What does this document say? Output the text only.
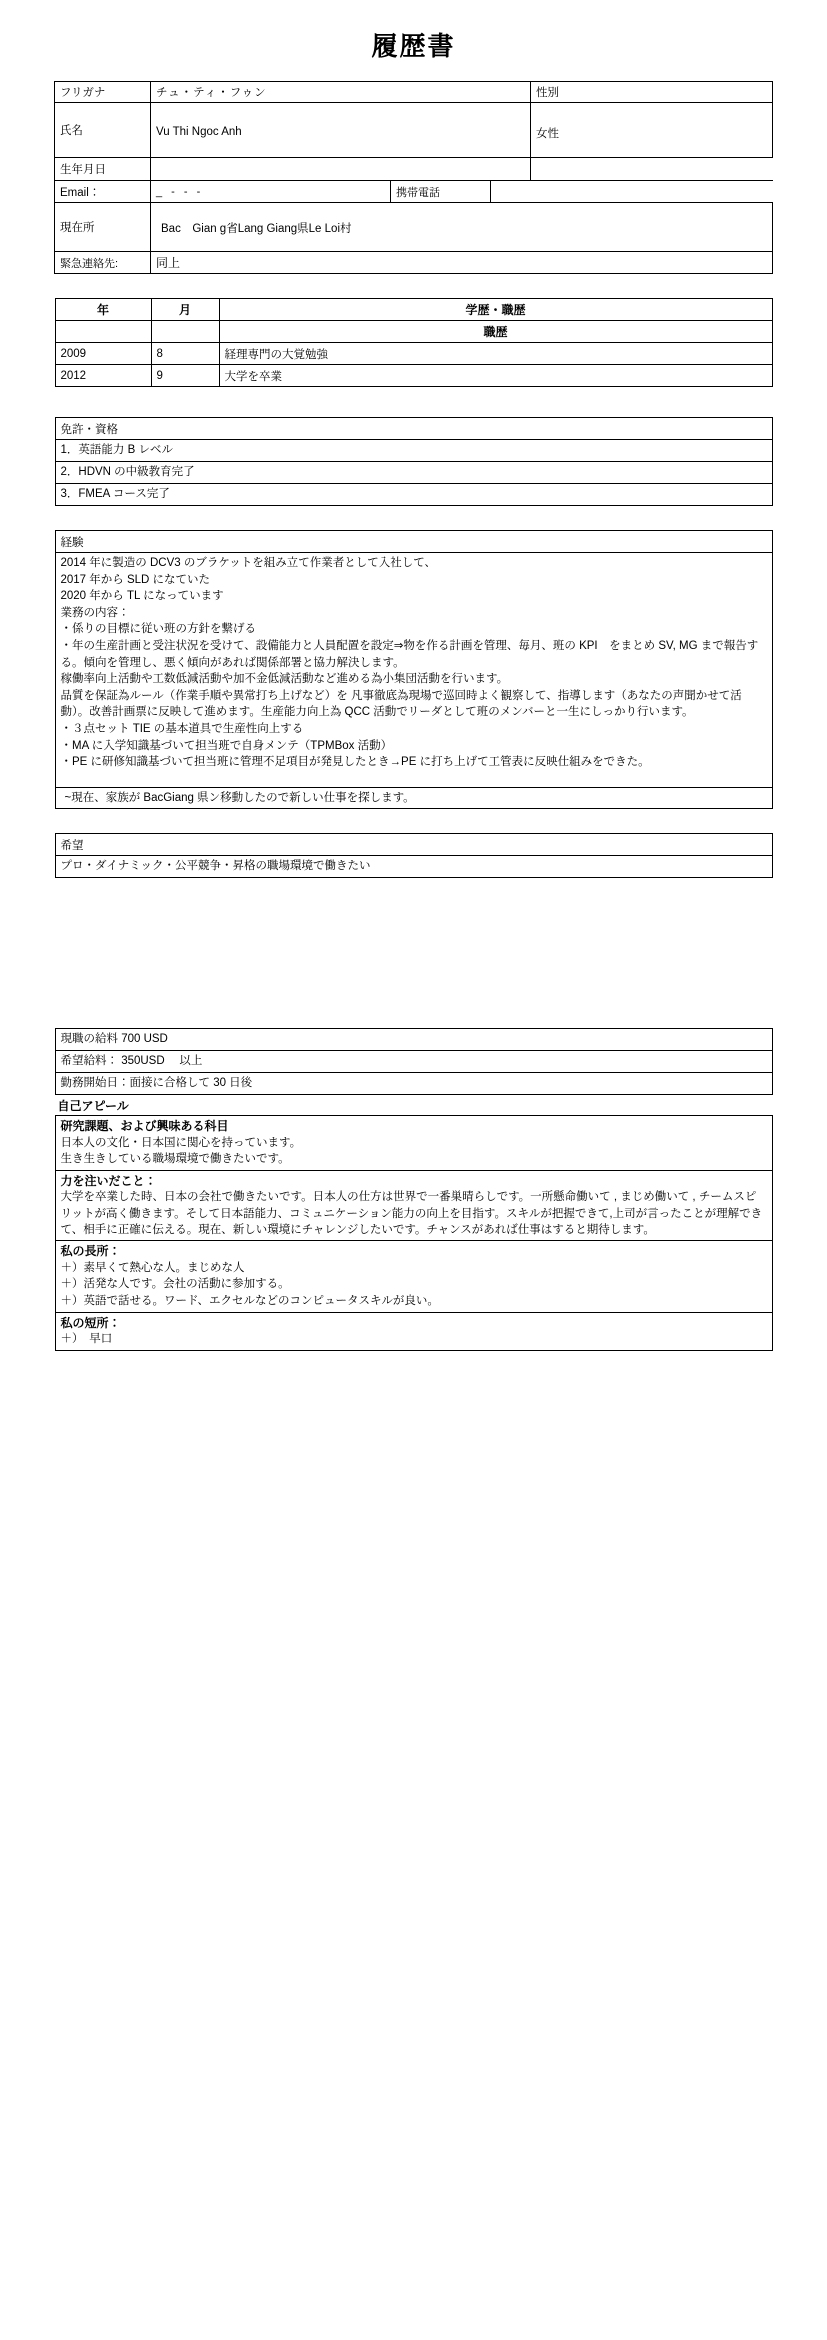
履歴書
フリガナ	チュ・ティ・フゥン	性別
氏名	Vu Thi Ngoc Anh	女性
生年月日		
Email：	_ - - -	携帯電話	
現在所	Bac　Gian g省Lang Giang県Le Loi村		
緊急連絡先:	同上		
年	月	学歴・職歴
		職歴
2009	8	経理専門の大覚勉強
2012	9	大学を卒業
免許・資格
1．英語能力 B レベル
2．HDVN の中級教育完了
3．FMEA コース完了
経験

2014 年に製造の DCV3 のブラケットを組み立て作業者として入社して、

2017 年から SLD になていた

2020 年から TL になっています

業務の内容：

・係りの目標に従い班の方針を繋げる

・年の生産計画と受注状況を受けて、設備能力と人員配置を設定⇒物を作る計画を管理、毎月、班の KPI　をまとめ SV, MG まで報告する。傾向を管理し、悪く傾向があれば関係部署と協力解決します。

稼働率向上活動や工数低減活動や加不金低減活動など進める為小集団活動を行います。

品質を保証為ルール（作業手順や異常打ち上げなど）を 凡事徹底為現場で巡回時よく観察して、指導します（あなたの声聞かせて活動）。改善計画票に反映して進めます。生産能力向上為 QCC 活動でリーダとして班のメンバーと一生にしっかり行います。

・３点セット TIE の基本道具で生産性向上する

・MA に入学知識基づいて担当班で自身メンテ（TPMBox 活動）

・PE に研修知識基づいて担当班に管理不足項目が発見したとき→PE に打ち上げて工管表に反映仕組みをできた。

~現在、家族が BacGiang 県ン移動したので新しい仕事を探します。
希望
プロ・ダイナミック・公平競争・昇格の職場環境で働きたい
現職の給料 700 USD
希望給料： 350USD　 以上
勤務開始日：面接に合格して 30 日後
自己アピール

研究課題、および興味ある科目

日本人の文化・日本国に関心を持っています。

生き生きしている職場環境で働きたいです。

力を注いだこと：

大学を卒業した時、日本の会社で働きたいです。日本人の仕方は世界で一番巣晴らしです。一所懸命働いて , まじめ働いて , チームスピリットが高く働きます。そして日本語能力、コミュニケーション能力の向上を目指す。スキルが把握できて,上司が言ったことが理解できて、相手に正確に伝える。現在、新しい環境にチャレンジしたいです。チャンスがあれば仕事はすると期待します。

私の長所：

＋）素早くて熱心な人。まじめな人

＋）活発な人です。会社の活動に参加する。

＋）英語で話せる。ワード、エクセルなどのコンピュータスキルが良い。

私の短所：

＋）　早口
